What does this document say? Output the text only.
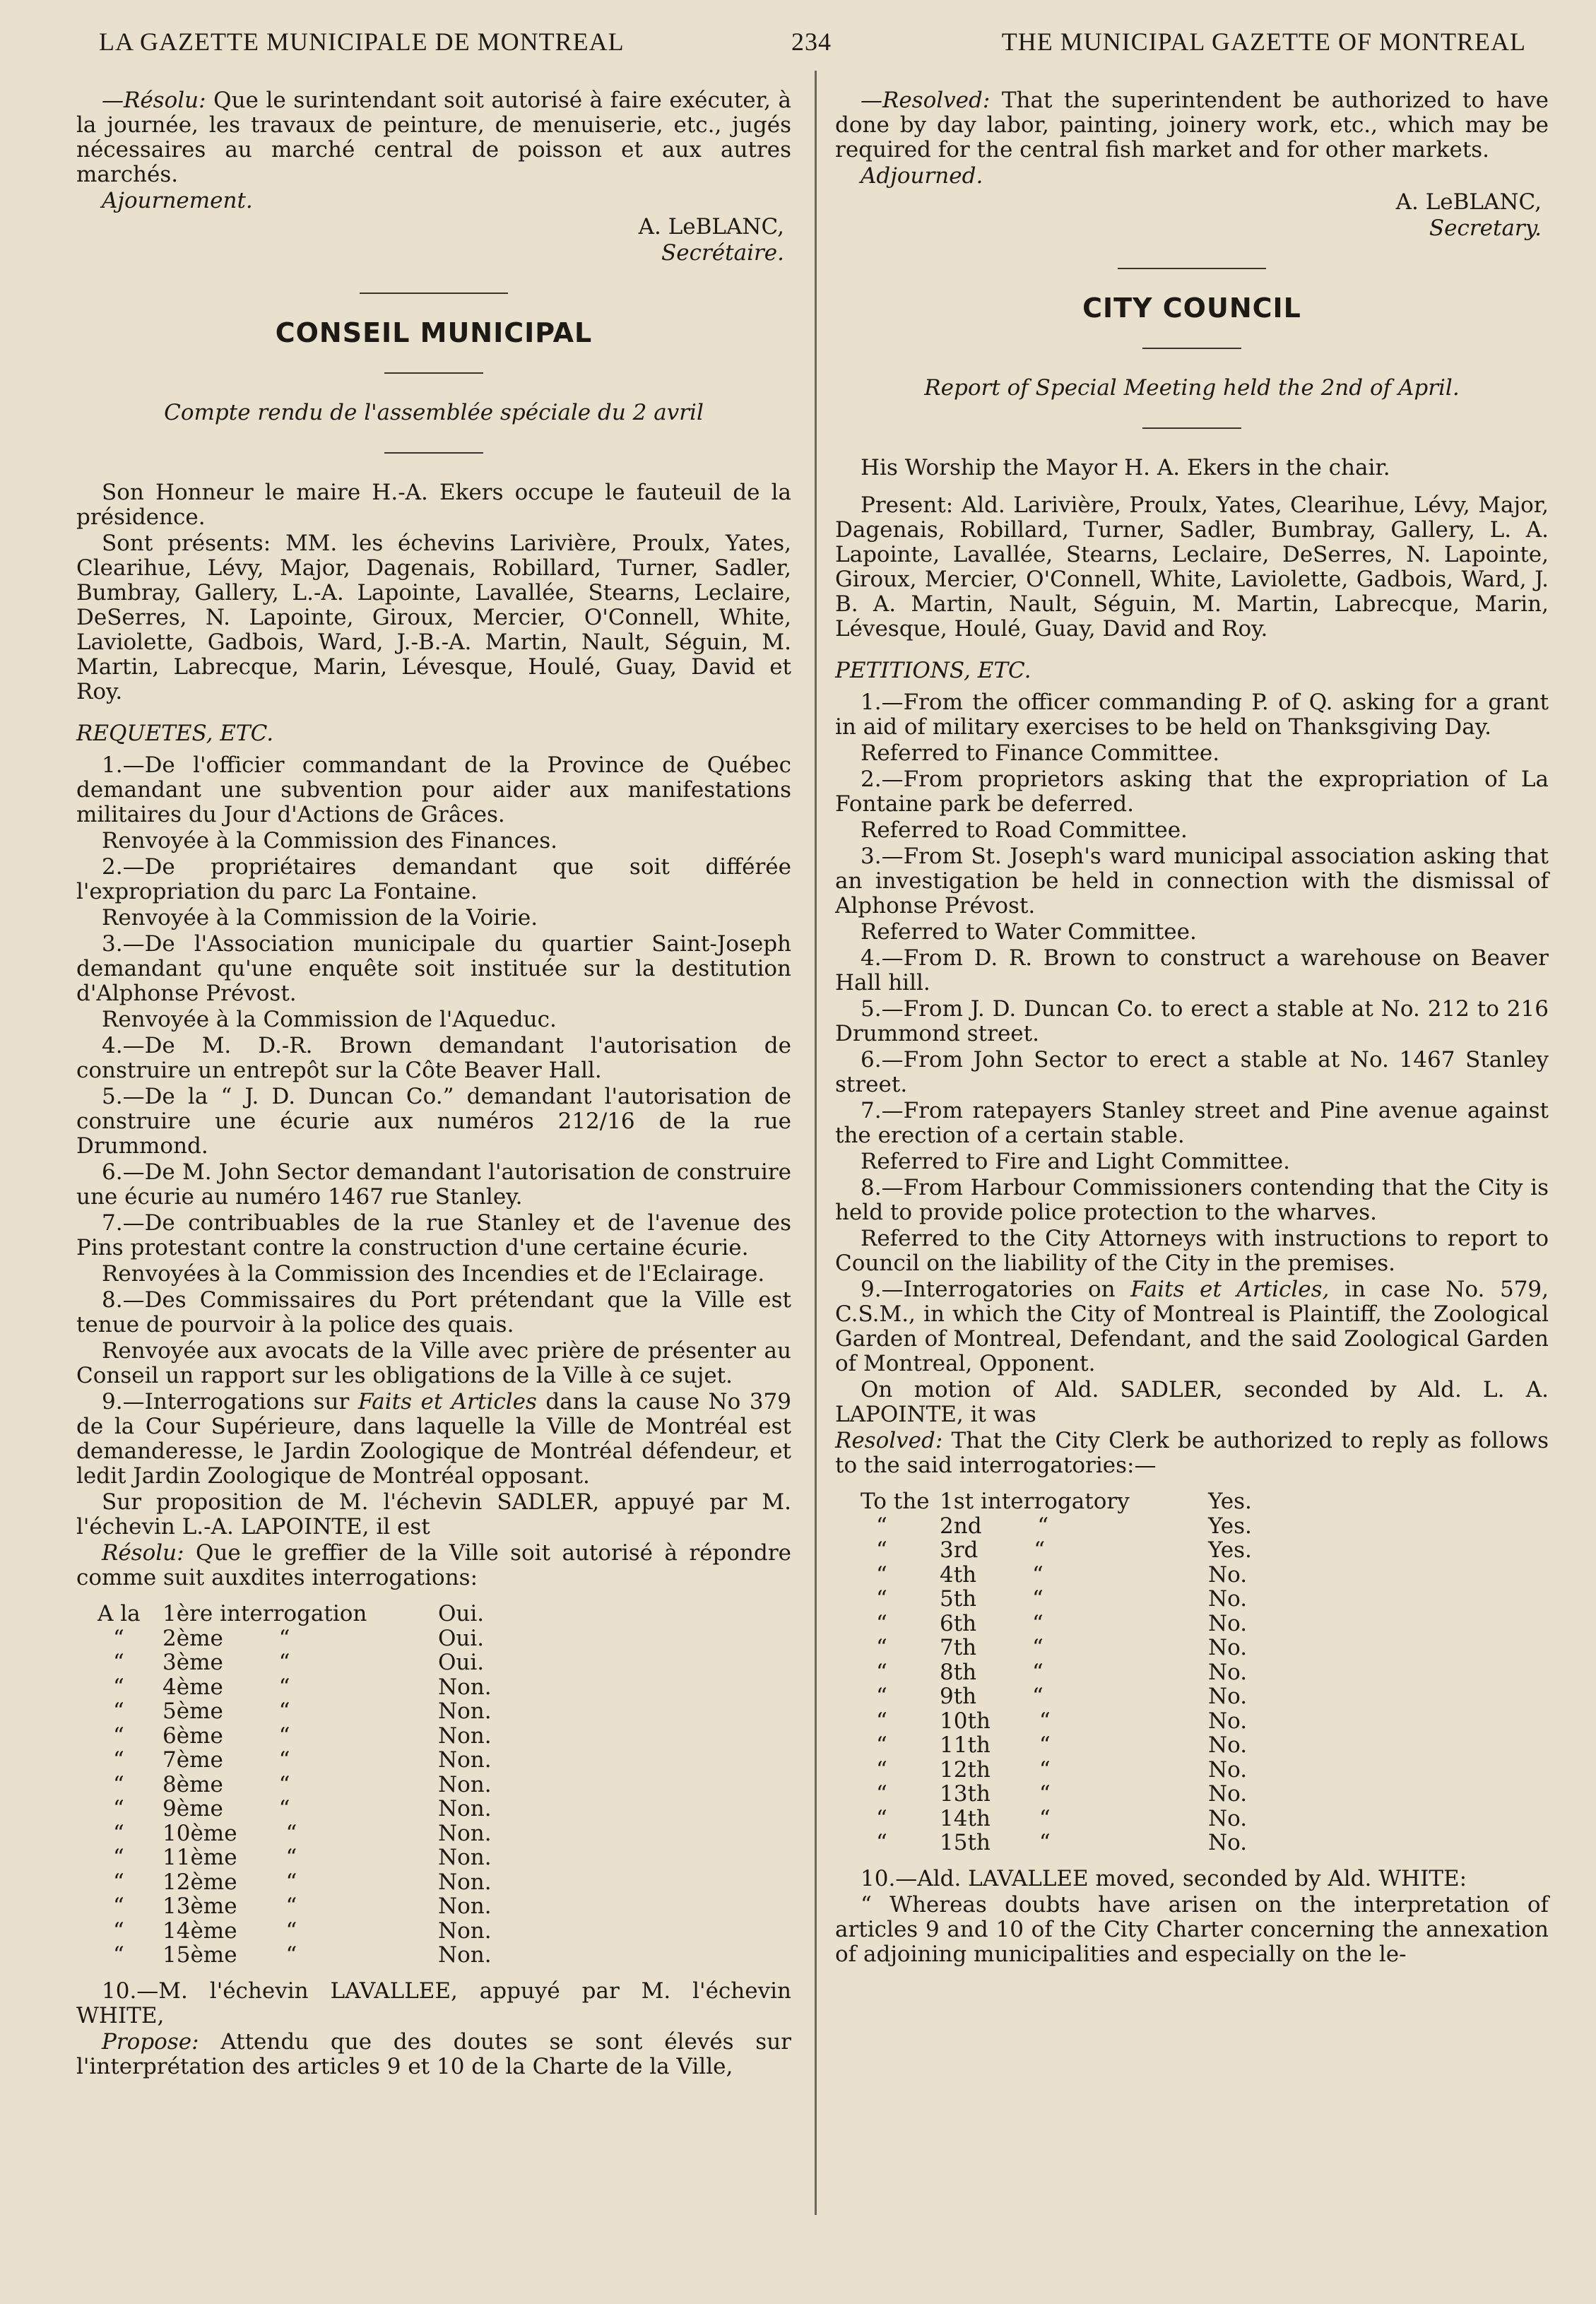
LA GAZETTE MUNICIPALE DE MONTREAL	234	THE MUNICIPAL GAZETTE OF MONTREAL

—Résolu: Que le surintendant soit autorisé à faire exécuter, à la journée, les travaux de peinture, de menuiserie, etc., jugés nécessaires au marché central de poisson et aux autres marchés.

Ajournement.

A. LeBLANC,

Secrétaire.

CONSEIL MUNICIPAL

Compte rendu de l'assemblée spéciale du 2 avril

Son Honneur le maire H.-A. Ekers occupe le fauteuil de la présidence.

Sont présents: MM. les échevins Larivière, Proulx, Yates, Clearihue, Lévy, Major, Dagenais, Robillard, Turner, Sadler, Bumbray, Gallery, L.-A. Lapointe, Lavallée, Stearns, Leclaire, DeSerres, N. Lapointe, Giroux, Mercier, O'Connell, White, Laviolette, Gadbois, Ward, J.-B.-A. Martin, Nault, Séguin, M. Martin, Labrecque, Marin, Lévesque, Houlé, Guay, David et Roy.

REQUETES, ETC.

1.—De l'officier commandant de la Province de Québec demandant une subvention pour aider aux manifestations militaires du Jour d'Actions de Grâces.

Renvoyée à la Commission des Finances.

2.—De propriétaires demandant que soit différée l'expropriation du parc La Fontaine.

Renvoyée à la Commission de la Voirie.

3.—De l'Association municipale du quartier Saint-Joseph demandant qu'une enquête soit instituée sur la destitution d'Alphonse Prévost.

Renvoyée à la Commission de l'Aqueduc.

4.—De M. D.-R. Brown demandant l'autorisation de construire un entrepôt sur la Côte Beaver Hall.

5.—De la “ J. D. Duncan Co.” demandant l'autorisation de construire une écurie aux numéros 212/16 de la rue Drummond.

6.—De M. John Sector demandant l'autorisation de construire une écurie au numéro 1467 rue Stanley.

7.—De contribuables de la rue Stanley et de l'avenue des Pins protestant contre la construction d'une certaine écurie.

Renvoyées à la Commission des Incendies et de l'Eclairage.

8.—Des Commissaires du Port prétendant que la Ville est tenue de pourvoir à la police des quais.

Renvoyée aux avocats de la Ville avec prière de présenter au Conseil un rapport sur les obligations de la Ville à ce sujet.

9.—Interrogations sur Faits et Articles dans la cause No 379 de la Cour Supérieure, dans laquelle la Ville de Montréal est demanderesse, le Jardin Zoologique de Montréal défendeur, et ledit Jardin Zoologique de Montréal opposant.

Sur proposition de M. l'échevin SADLER, appuyé par M. l'échevin L.-A. LAPOINTE, il est

Résolu: Que le greffier de la Ville soit autorisé à répondre comme suit auxdites interrogations:

A la	1ère interrogation	Oui.
“	2ème        “	Oui.
“	3ème        “	Oui.
“	4ème        “	Non.
“	5ème        “	Non.
“	6ème        “	Non.
“	7ème        “	Non.
“	8ème        “	Non.
“	9ème        “	Non.
“	10ème       “	Non.
“	11ème       “	Non.
“	12ème       “	Non.
“	13ème       “	Non.
“	14ème       “	Non.
“	15ème       “	Non.

10.—M. l'échevin LAVALLEE, appuyé par M. l'échevin WHITE,

Propose: Attendu que des doutes se sont élevés sur l'interprétation des articles 9 et 10 de la Charte de la Ville,

—Resolved: That the superintendent be authorized to have done by day labor, painting, joinery work, etc., which may be required for the central fish market and for other markets.

Adjourned.

A. LeBLANC,

Secretary.

CITY COUNCIL

Report of Special Meeting held the 2nd of April.

His Worship the Mayor H. A. Ekers in the chair.

Present: Ald. Larivière, Proulx, Yates, Clearihue, Lévy, Major, Dagenais, Robillard, Turner, Sadler, Bumbray, Gallery, L. A. Lapointe, Lavallée, Stearns, Leclaire, DeSerres, N. Lapointe, Giroux, Mercier, O'Connell, White, Laviolette, Gadbois, Ward, J. B. A. Martin, Nault, Séguin, M. Martin, Labrecque, Marin, Lévesque, Houlé, Guay, David and Roy.

PETITIONS, ETC.

1.—From the officer commanding P. of Q. asking for a grant in aid of military exercises to be held on Thanksgiving Day.

Referred to Finance Committee.

2.—From proprietors asking that the expropriation of La Fontaine park be deferred.

Referred to Road Committee.

3.—From St. Joseph's ward municipal association asking that an investigation be held in connection with the dismissal of Alphonse Prévost.

Referred to Water Committee.

4.—From D. R. Brown to construct a warehouse on Beaver Hall hill.

5.—From J. D. Duncan Co. to erect a stable at No. 212 to 216 Drummond street.

6.—From John Sector to erect a stable at No. 1467 Stanley street.

7.—From ratepayers Stanley street and Pine avenue against the erection of a certain stable.

Referred to Fire and Light Committee.

8.—From Harbour Commissioners contending that the City is held to provide police protection to the wharves.

Referred to the City Attorneys with instructions to report to Council on the liability of the City in the premises.

9.—Interrogatories on Faits et Articles, in case No. 579, C.S.M., in which the City of Montreal is Plaintiff, the Zoological Garden of Montreal, Defendant, and the said Zoological Garden of Montreal, Opponent.

On motion of Ald. SADLER, seconded by Ald. L. A. LAPOINTE, it was

Resolved: That the City Clerk be authorized to reply as follows to the said interrogatories:—

To the	1st interrogatory	Yes.
“	2nd        “	Yes.
“	3rd        “	Yes.
“	4th        “	No.
“	5th        “	No.
“	6th        “	No.
“	7th        “	No.
“	8th        “	No.
“	9th        “	No.
“	10th       “	No.
“	11th       “	No.
“	12th       “	No.
“	13th       “	No.
“	14th       “	No.
“	15th       “	No.

10.—Ald. LAVALLEE moved, seconded by Ald. WHITE:

“ Whereas doubts have arisen on the interpretation of articles 9 and 10 of the City Charter concerning the annexation of adjoining municipalities and especially on the le-
